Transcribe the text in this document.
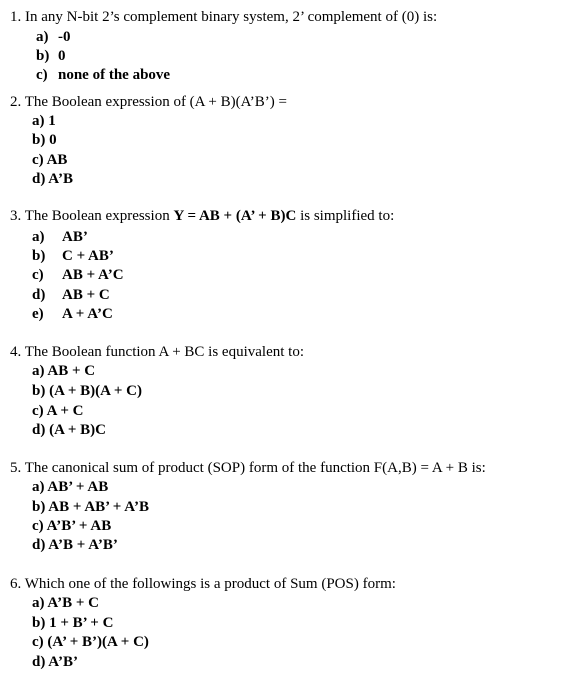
1. In any N-bit 2’s complement binary system, 2’ complement of (0) is:
a) -0
b) 0
c) none of the above
2. The Boolean expression of (A + B)(A’B’) =
a) 1
b) 0
c) AB
d) A’B
3. The Boolean expression Y = AB + (A’ + B)C is simplified to:
a) AB’
b) C + AB’
c) AB + A’C
d) AB + C
e) A + A’C
4. The Boolean function A + BC is equivalent to:
a) AB + C
b) (A + B)(A + C)
c) A + C
d) (A + B)C
5. The canonical sum of product (SOP) form of the function F(A,B) = A + B is:
a) AB’ + AB
b) AB + AB’ + A’B
c) A’B’ + AB
d) A’B + A’B’
6. Which one of the followings is a product of Sum (POS) form:
a) A’B + C
b) 1 + B’ + C
c) (A’ + B’)(A + C)
d) A’B’
